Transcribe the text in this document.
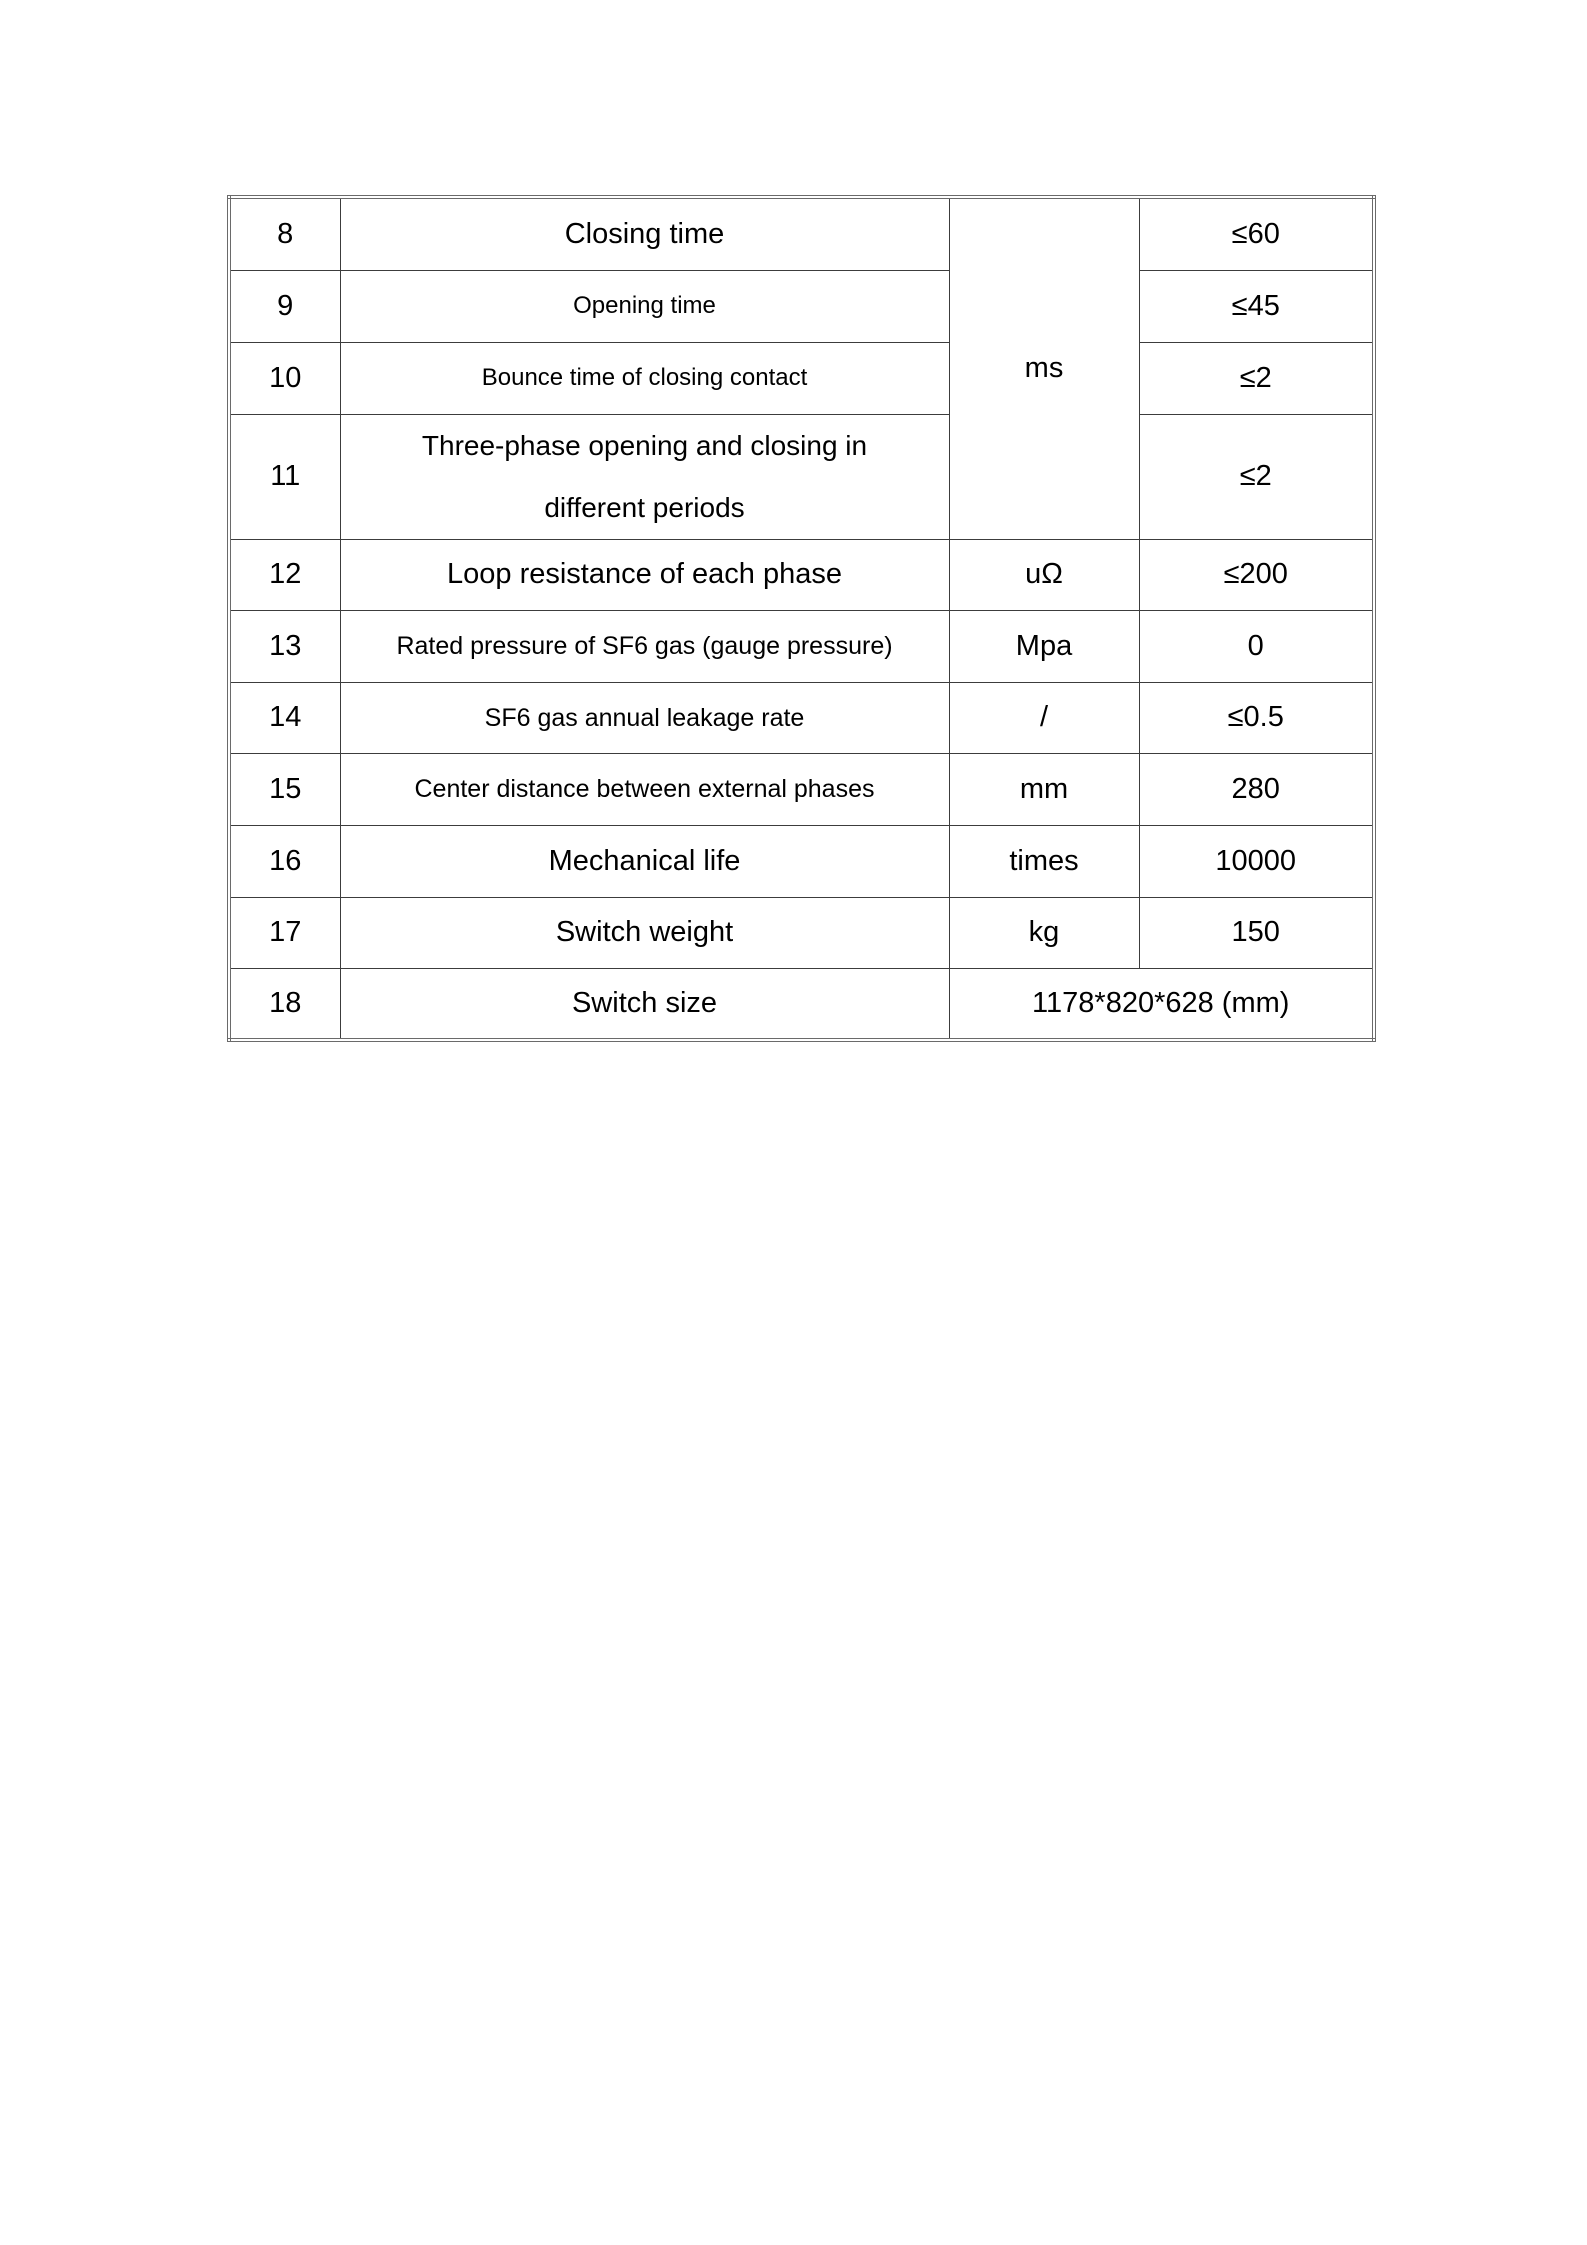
8	Closing time	ms	≤60
9	Opening time		≤45
10	Bounce time of closing contact		≤2
11	Three-phase opening and closing in different periods		≤2
12	Loop resistance of each phase	uΩ	≤200
13	Rated pressure of SF6 gas (gauge pressure)	Mpa	0
14	SF6 gas annual leakage rate	/	≤0.5
15	Center distance between external phases	mm	280
16	Mechanical life	times	10000
17	Switch weight	kg	150
18	Switch size	1178*820*628 (mm)	
